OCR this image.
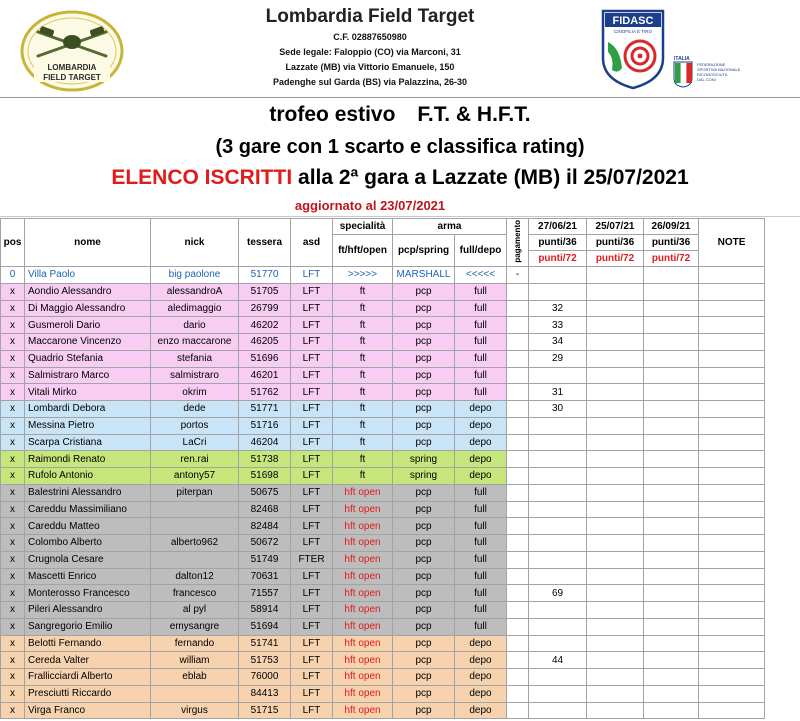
LOMBARDIA
FIELD TARGET
Lombardia Field Target
C.F. 02887650980
Sede legale: Faloppio (CO) via Marconi, 31
Lazzate (MB) via Vittorio Emanuele, 150
Padenghe sul Garda (BS) via Palazzina, 26-30
FIDASC
CINOFILIA E TIRO
ITALIA
FEDERAZIONE
SPORTIVA NAZIONALE
RICONOSCIUTA
DAL CONI
trofeo estivo F.T. & H.F.T.
(3 gare con 1 scarto e classifica rating)
ELENCO ISCRITTI alla 2ª gara a Lazzate (MB) il 25/07/2021
aggiornato al 23/07/2021
pos	nome	nick	tessera	asd	specialità	arma		pagamento	27/06/21	25/07/21	26/09/21	NOTE
					ft/hft/open	pcp/spring	full/depo		punti/36	punti/36	punti/36	
									punti/72	punti/72	punti/72	
0	Villa Paolo	big paolone	51770	LFT	>>>>>	MARSHALL	<<<<<	-				
x	Aondio Alessandro	alessandroA	51705	LFT	ft	pcp	full					
x	Di Maggio Alessandro	aledimaggio	26799	LFT	ft	pcp	full		32			
x	Gusmeroli Dario	dario	46202	LFT	ft	pcp	full		33			
x	Maccarone Vincenzo	enzo maccarone	46205	LFT	ft	pcp	full		34			
x	Quadrio Stefania	stefania	51696	LFT	ft	pcp	full		29			
x	Salmistraro Marco	salmistraro	46201	LFT	ft	pcp	full					
x	Vitali Mirko	okrim	51762	LFT	ft	pcp	full		31			
x	Lombardi Debora	dede	51771	LFT	ft	pcp	depo		30			
x	Messina Pietro	portos	51716	LFT	ft	pcp	depo					
x	Scarpa Cristiana	LaCri	46204	LFT	ft	pcp	depo					
x	Raimondi Renato	ren.rai	51738	LFT	ft	spring	depo					
x	Rufolo Antonio	antony57	51698	LFT	ft	spring	depo					
x	Balestrini Alessandro	piterpan	50675	LFT	hft open	pcp	full					
x	Careddu Massimiliano		82468	LFT	hft open	pcp	full					
x	Careddu Matteo		82484	LFT	hft open	pcp	full					
x	Colombo Alberto	alberto962	50672	LFT	hft open	pcp	full					
x	Crugnola Cesare		51749	FTER	hft open	pcp	full					
x	Mascetti Enrico	dalton12	70631	LFT	hft open	pcp	full					
x	Monterosso Francesco	francesco	71557	LFT	hft open	pcp	full		69			
x	Pileri Alessandro	al pyl	58914	LFT	hft open	pcp	full					
x	Sangregorio Emilio	emysangre	51694	LFT	hft open	pcp	full					
x	Belotti Fernando	fernando	51741	LFT	hft open	pcp	depo					
x	Cereda Valter	william	51753	LFT	hft open	pcp	depo		44			
x	Frallicciardi Alberto	eblab	76000	LFT	hft open	pcp	depo					
x	Presciutti Riccardo		84413	LFT	hft open	pcp	depo					
x	Virga Franco	virgus	51715	LFT	hft open	pcp	depo					
